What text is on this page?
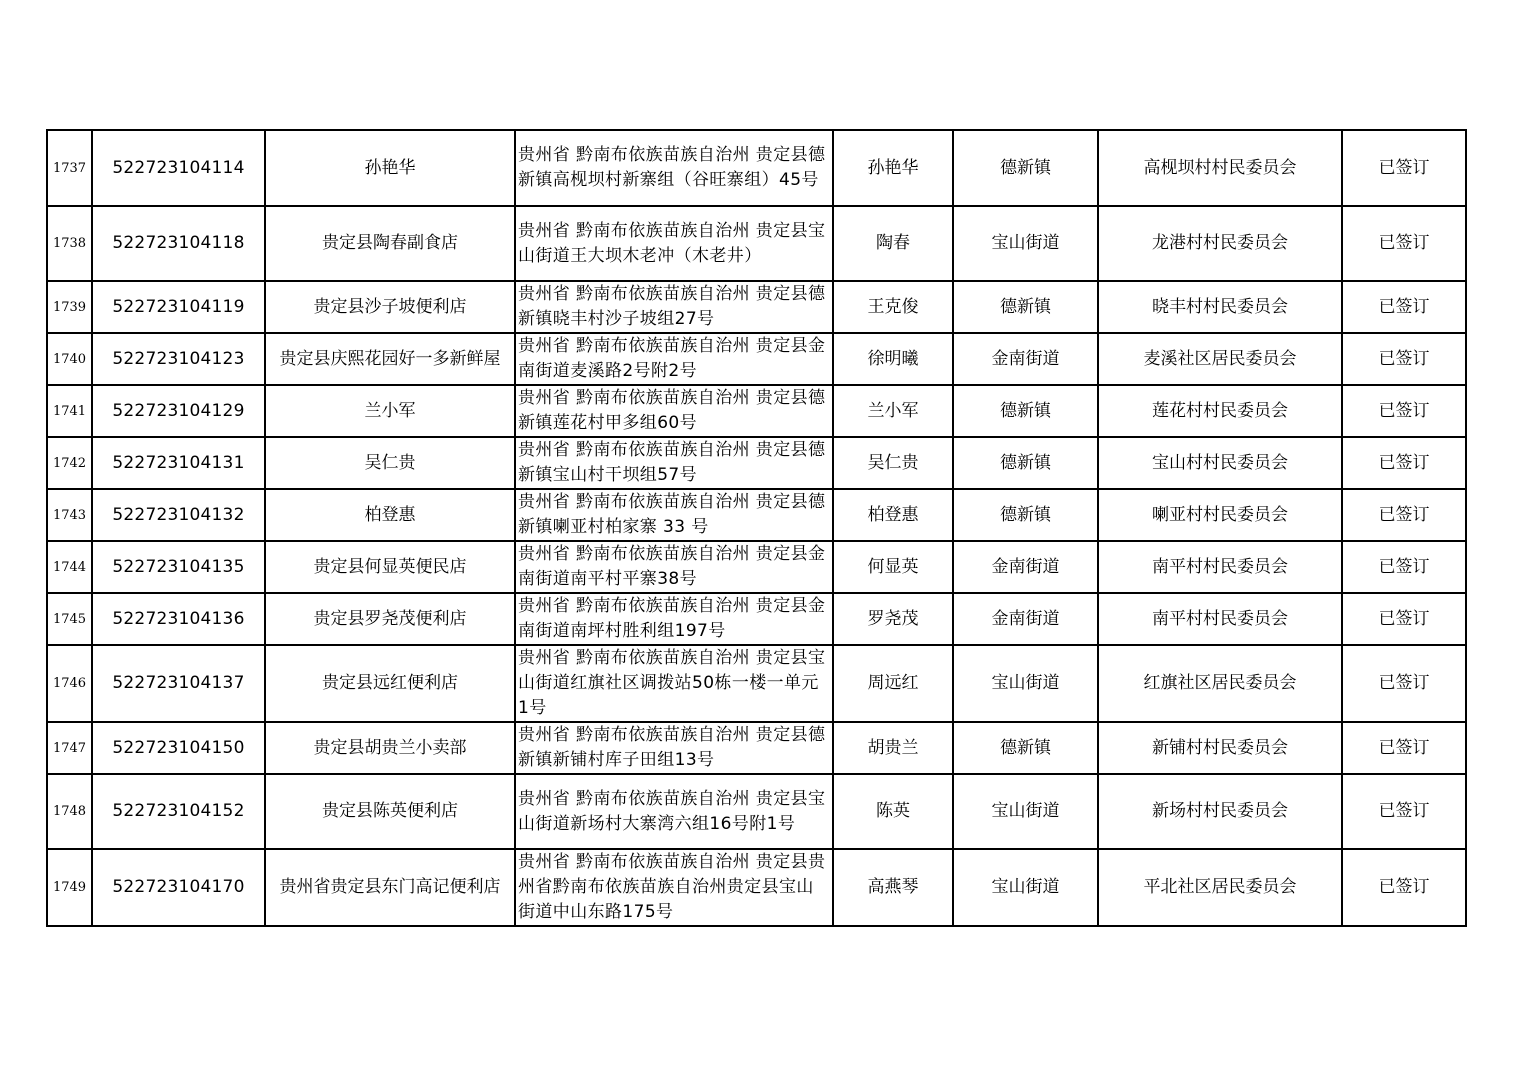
1737	522723104114	孙艳华	贵州省 黔南布依族苗族自治州 贵定县德新镇高枧坝村新寨组（谷旺寨组）45号	孙艳华	德新镇	高枧坝村村民委员会	已签订
1738	522723104118	贵定县陶春副食店	贵州省 黔南布依族苗族自治州 贵定县宝山街道王大坝木老冲（木老井）	陶春	宝山街道	龙港村村民委员会	已签订
1739	522723104119	贵定县沙子坡便利店	贵州省 黔南布依族苗族自治州 贵定县德新镇晓丰村沙子坡组27号	王克俊	德新镇	晓丰村村民委员会	已签订
1740	522723104123	贵定县庆熙花园好一多新鲜屋	贵州省 黔南布依族苗族自治州 贵定县金南街道麦溪路2号附2号	徐明曦	金南街道	麦溪社区居民委员会	已签订
1741	522723104129	兰小军	贵州省 黔南布依族苗族自治州 贵定县德新镇莲花村甲多组60号	兰小军	德新镇	莲花村村民委员会	已签订
1742	522723104131	吴仁贵	贵州省 黔南布依族苗族自治州 贵定县德新镇宝山村干坝组57号	吴仁贵	德新镇	宝山村村民委员会	已签订
1743	522723104132	柏登惠	贵州省 黔南布依族苗族自治州 贵定县德新镇喇亚村柏家寨 33 号	柏登惠	德新镇	喇亚村村民委员会	已签订
1744	522723104135	贵定县何显英便民店	贵州省 黔南布依族苗族自治州 贵定县金南街道南平村平寨38号	何显英	金南街道	南平村村民委员会	已签订
1745	522723104136	贵定县罗尧茂便利店	贵州省 黔南布依族苗族自治州 贵定县金南街道南坪村胜利组197号	罗尧茂	金南街道	南平村村民委员会	已签订
1746	522723104137	贵定县远红便利店	贵州省 黔南布依族苗族自治州 贵定县宝山街道红旗社区调拨站50栋一楼一单元1号	周远红	宝山街道	红旗社区居民委员会	已签订
1747	522723104150	贵定县胡贵兰小卖部	贵州省 黔南布依族苗族自治州 贵定县德新镇新铺村库子田组13号	胡贵兰	德新镇	新铺村村民委员会	已签订
1748	522723104152	贵定县陈英便利店	贵州省 黔南布依族苗族自治州 贵定县宝山街道新场村大寨湾六组16号附1号	陈英	宝山街道	新场村村民委员会	已签订
1749	522723104170	贵州省贵定县东门高记便利店	贵州省 黔南布依族苗族自治州 贵定县贵州省黔南布依族苗族自治州贵定县宝山街道中山东路175号	高燕琴	宝山街道	平北社区居民委员会	已签订
